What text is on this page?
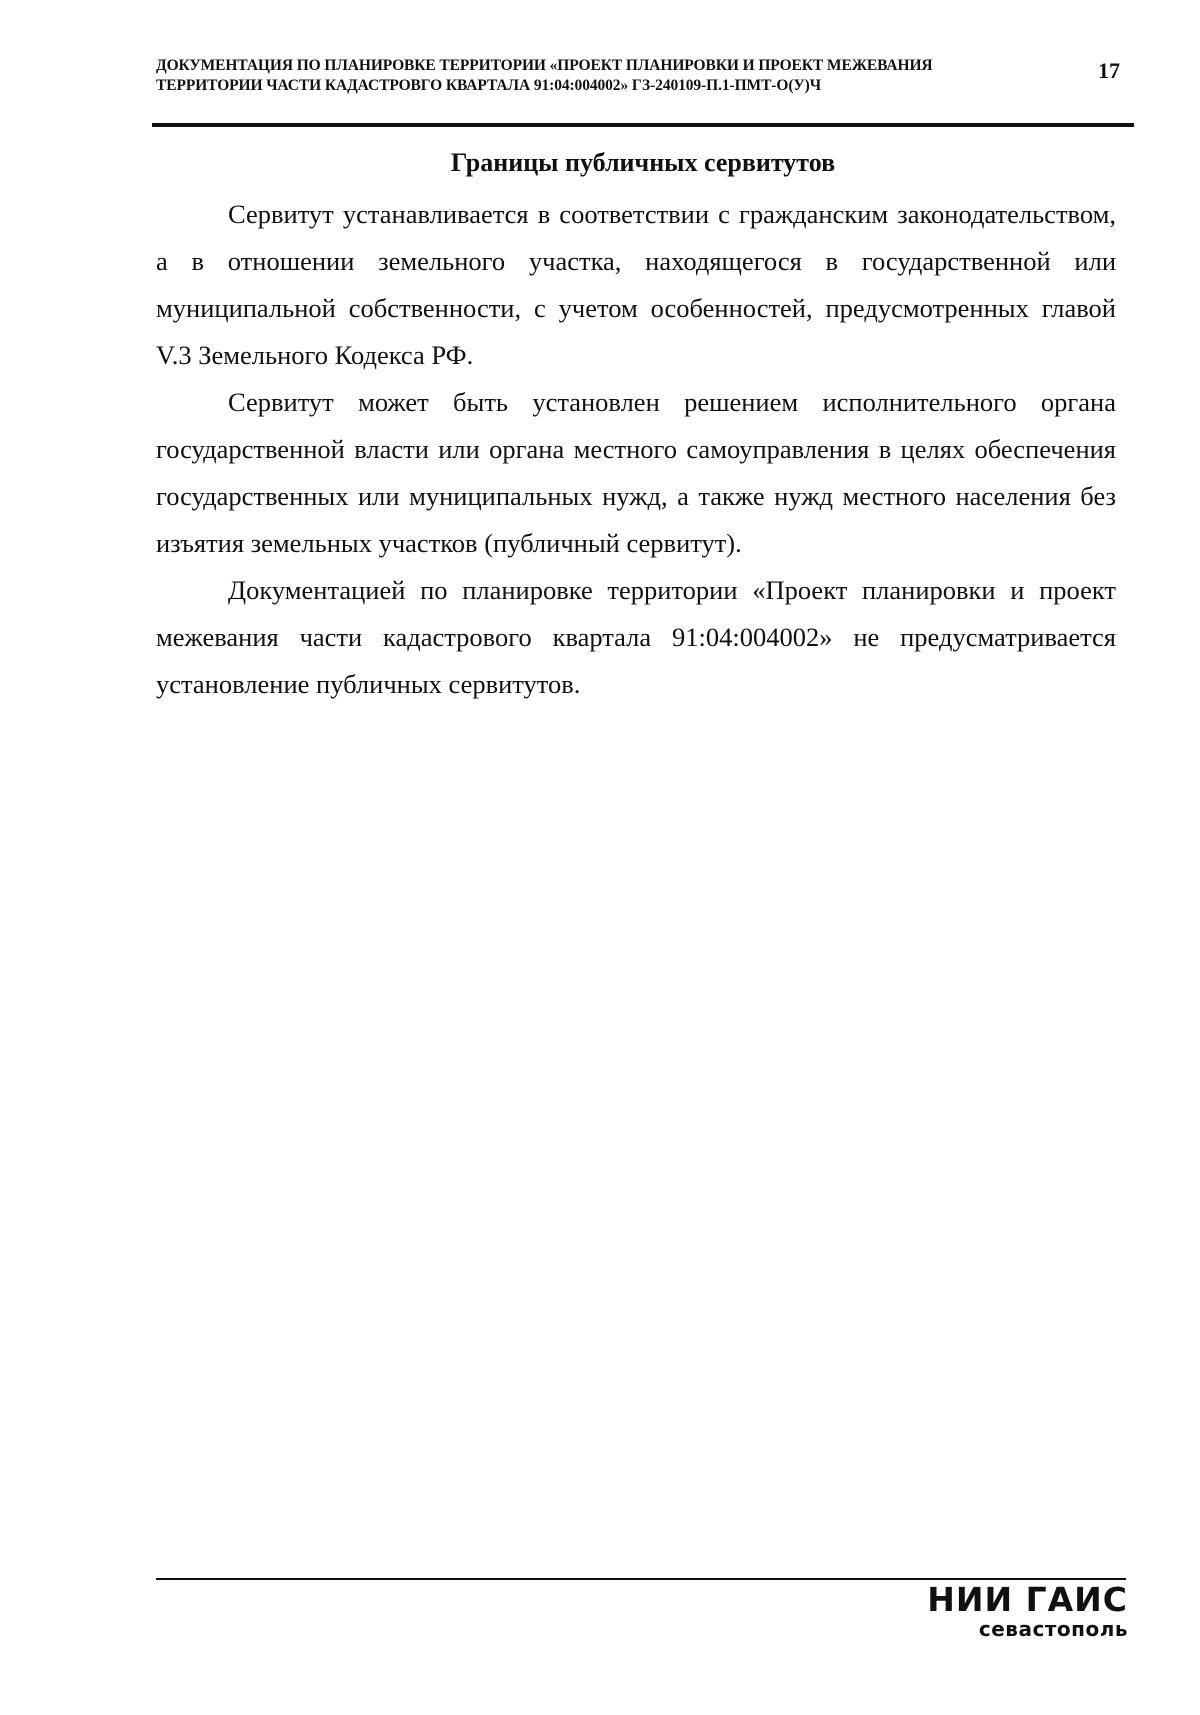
ДОКУМЕНТАЦИЯ ПО ПЛАНИРОВКЕ ТЕРРИТОРИИ «ПРОЕКТ ПЛАНИРОВКИ И ПРОЕКТ МЕЖЕВАНИЯ
ТЕРРИТОРИИ ЧАСТИ КАДАСТРОВГО КВАРТАЛА 91:04:004002» ГЗ-240109-П.1-ПМТ-О(У)Ч
17
Границы публичных сервитутов

Сервитут устанавливается в соответствии с гражданским законодательством, а в отношении земельного участка, находящегося в государственной или муниципальной собственности, с учетом особенностей, предусмотренных главой V.3 Земельного Кодекса РФ.

Сервитут может быть установлен решением исполнительного органа государственной власти или органа местного самоуправления в целях обеспечения государственных или муниципальных нужд, а также нужд местного населения без изъятия земельных участков (публичный сервитут).

Документацией по планировке территории «Проект планировки и проект межевания части кадастрового квартала 91:04:004002» не предусматривается установление публичных сервитутов.

НИИ ГАИС
севастополь
